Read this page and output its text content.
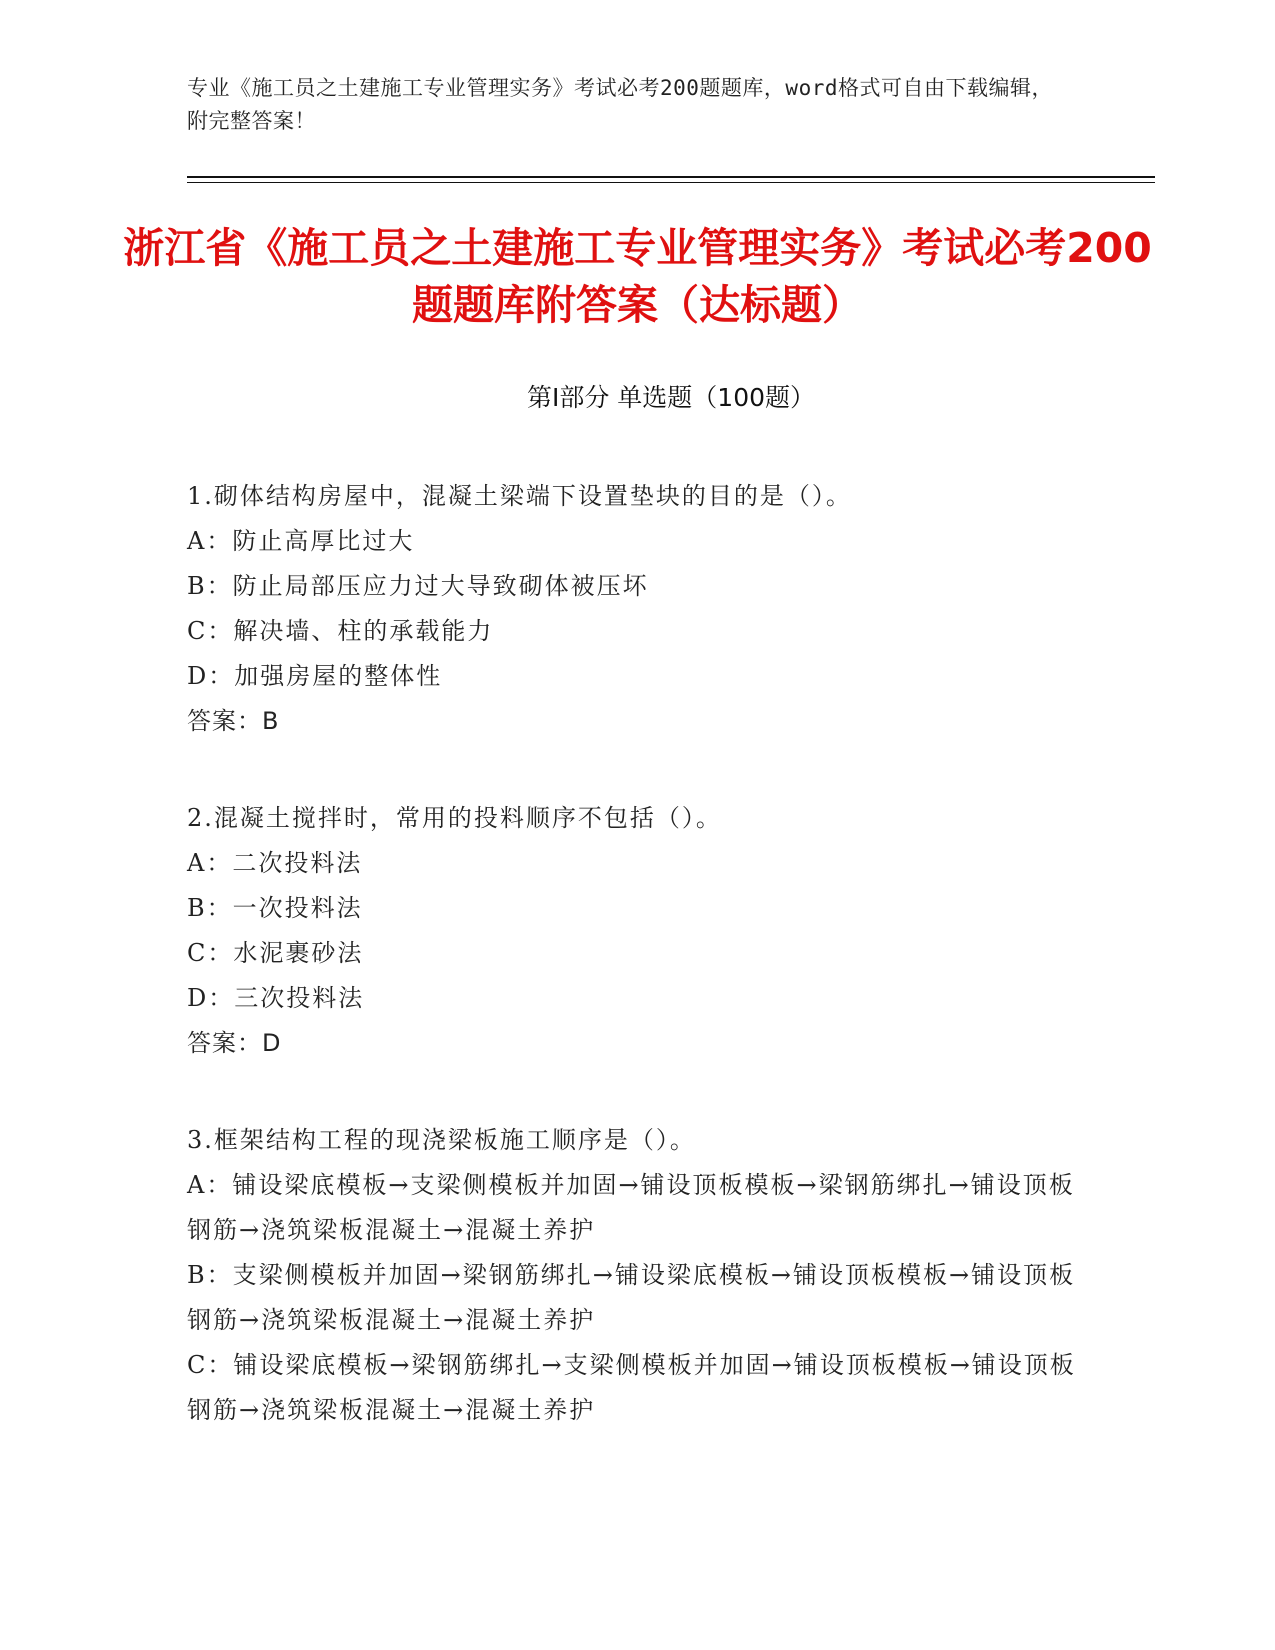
专业《施工员之土建施工专业管理实务》考试必考200题题库，word格式可自由下载编辑，附完整答案！
浙江省《施工员之土建施工专业管理实务》考试必考200题题库附答案（达标题）
第Ⅰ部分 单选题（100题）

1.砌体结构房屋中，混凝土梁端下设置垫块的目的是（）。

A：防止高厚比过大

B：防止局部压应力过大导致砌体被压坏

C：解决墙、柱的承载能力

D：加强房屋的整体性

答案：B

2.混凝土搅拌时，常用的投料顺序不包括（）。

A：二次投料法

B：一次投料法

C：水泥裹砂法

D：三次投料法

答案：D

3.框架结构工程的现浇梁板施工顺序是（）。

A：铺设梁底模板→支梁侧模板并加固→铺设顶板模板→梁钢筋绑扎→铺设顶板钢筋→浇筑梁板混凝土→混凝土养护

B：支梁侧模板并加固→梁钢筋绑扎→铺设梁底模板→铺设顶板模板→铺设顶板钢筋→浇筑梁板混凝土→混凝土养护

C：铺设梁底模板→梁钢筋绑扎→支梁侧模板并加固→铺设顶板模板→铺设顶板钢筋→浇筑梁板混凝土→混凝土养护
